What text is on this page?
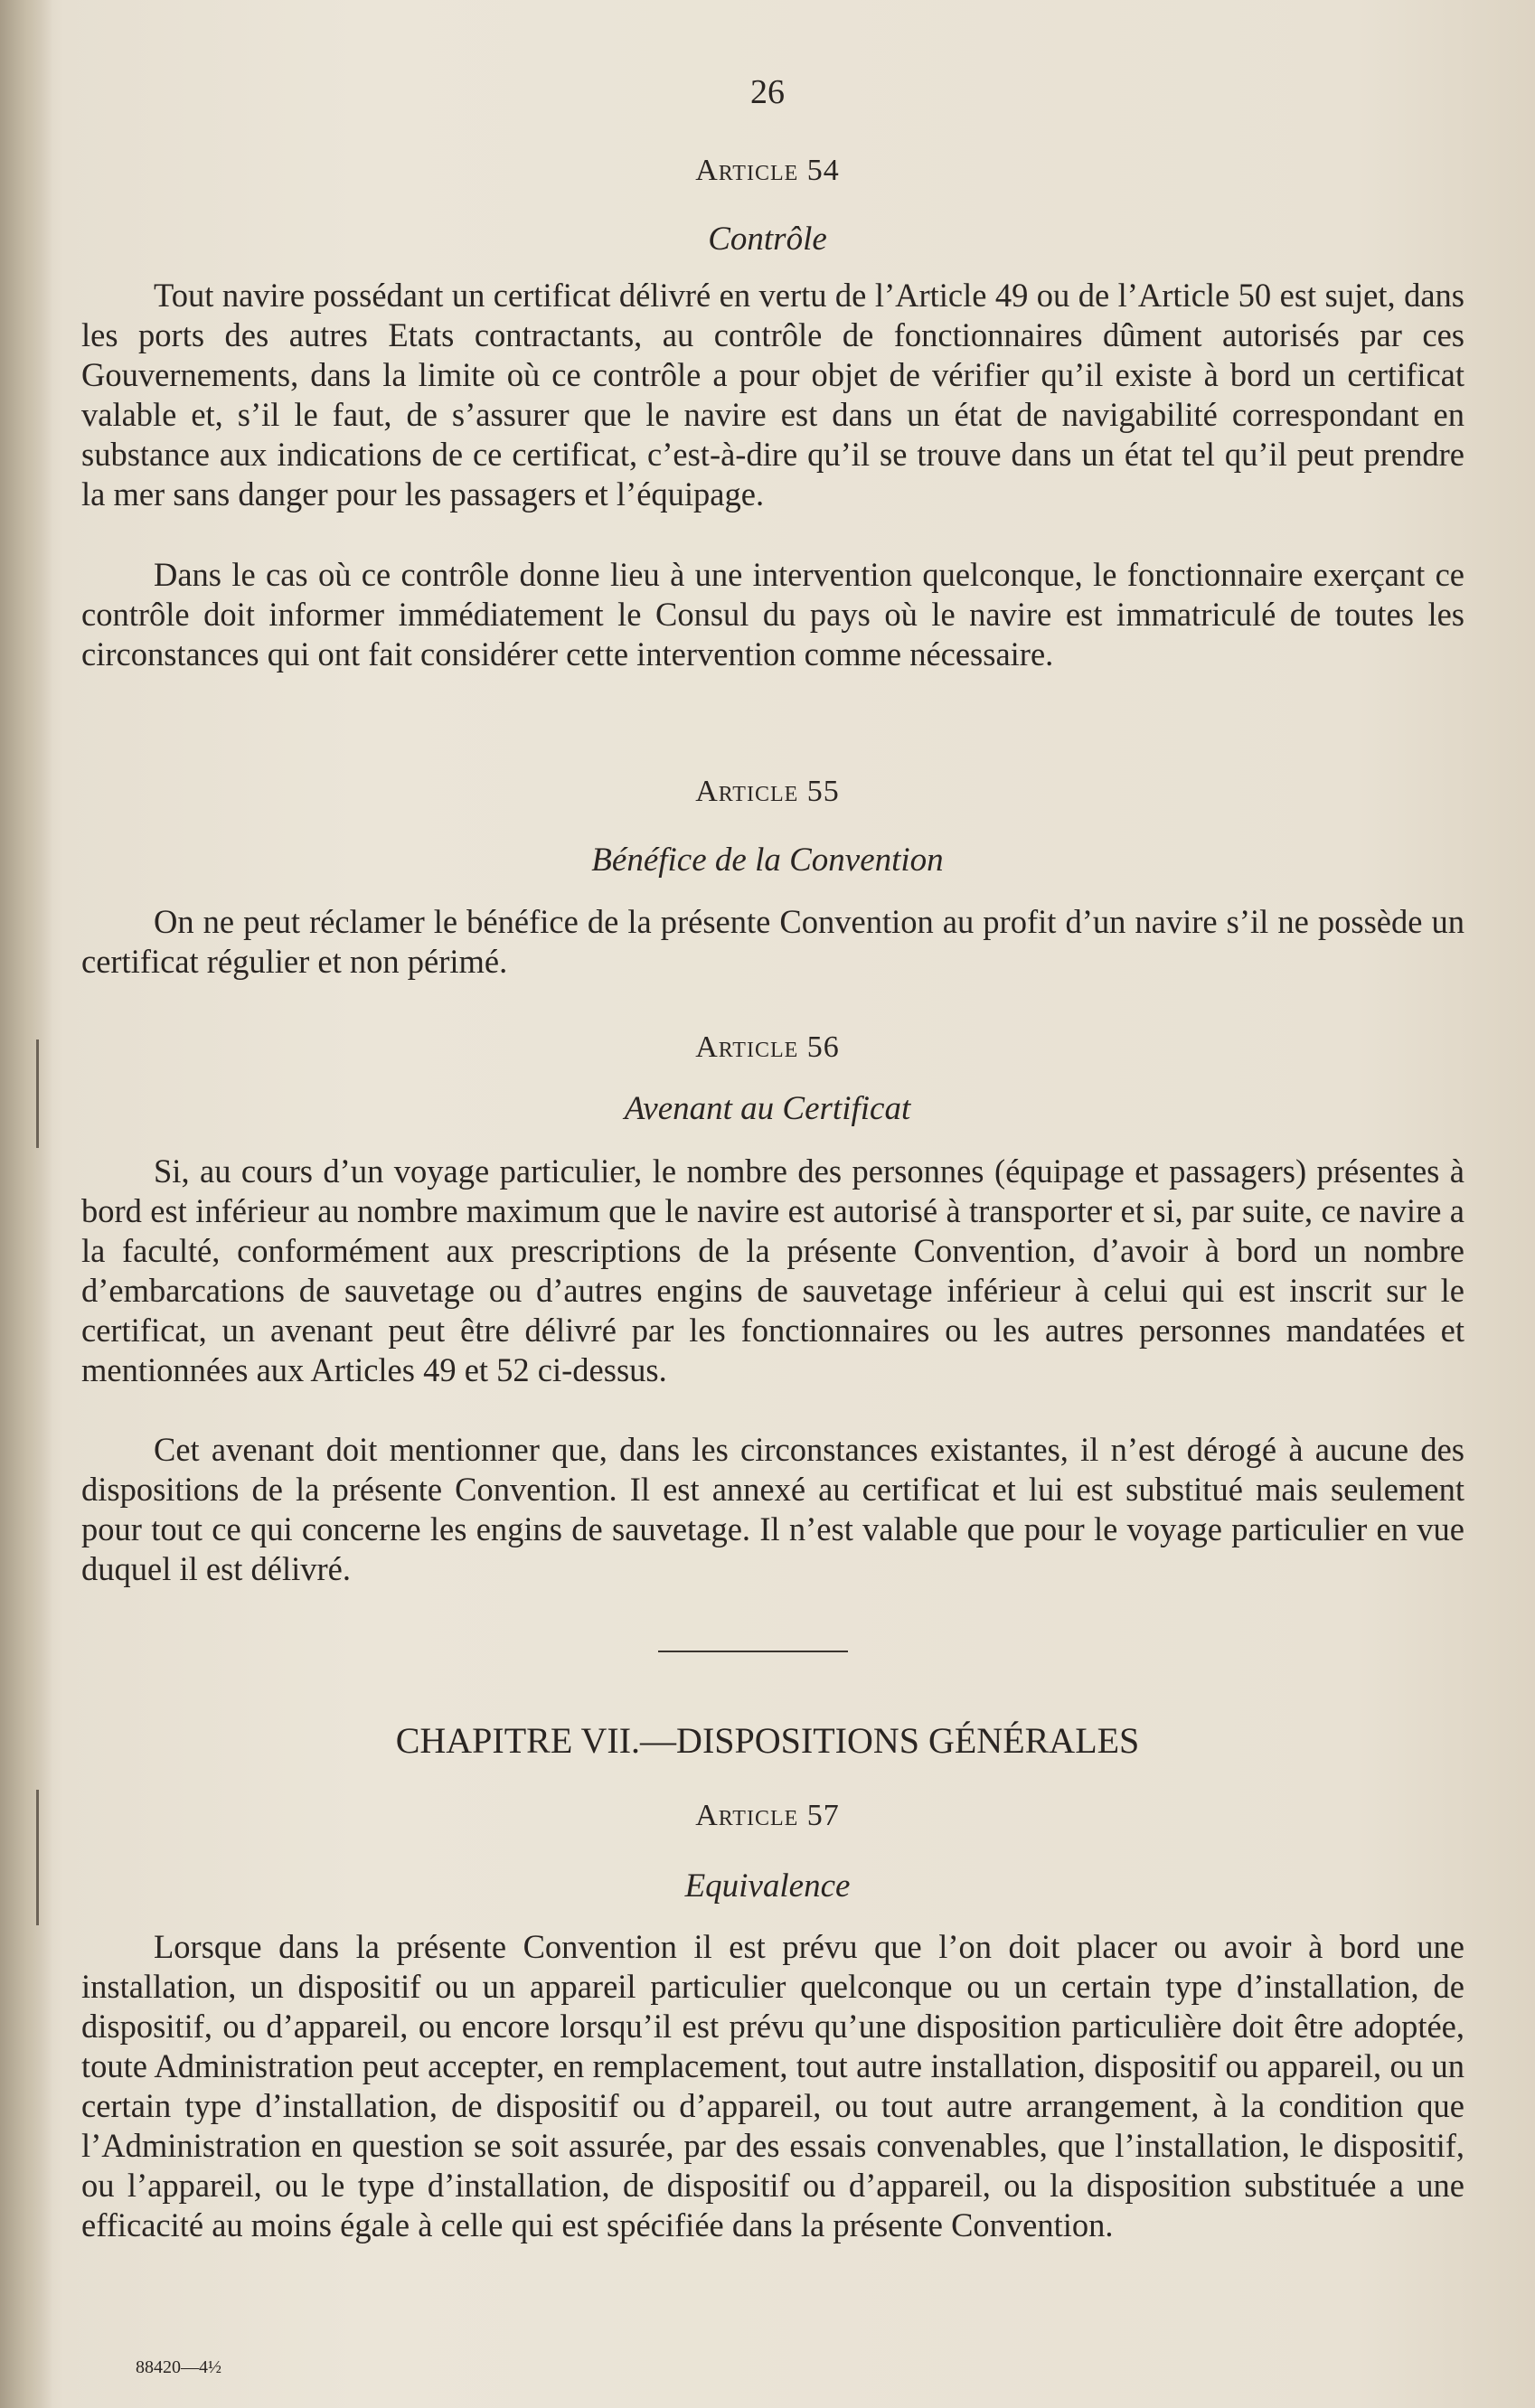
26
Article 54
Contrôle

Tout navire possédant un certificat délivré en vertu de l’Article 49 ou de l’Article 50 est sujet, dans les ports des autres Etats contractants, au contrôle de fonctionnaires dûment autorisés par ces Gouvernements, dans la limite où ce contrôle a pour objet de vérifier qu’il existe à bord un certificat valable et, s’il le faut, de s’assurer que le navire est dans un état de navigabilité correspondant en substance aux indications de ce certificat, c’est-à-dire qu’il se trouve dans un état tel qu’il peut prendre la mer sans danger pour les passagers et l’équipage.

Dans le cas où ce contrôle donne lieu à une intervention quelconque, le fonctionnaire exerçant ce contrôle doit informer immédiatement le Consul du pays où le navire est immatriculé de toutes les circonstances qui ont fait considérer cette intervention comme nécessaire.

Article 55
Bénéfice de la Convention

On ne peut réclamer le bénéfice de la présente Convention au profit d’un navire s’il ne possède un certificat régulier et non périmé.

Article 56
Avenant au Certificat

Si, au cours d’un voyage particulier, le nombre des personnes (équipage et passagers) présentes à bord est inférieur au nombre maximum que le navire est autorisé à transporter et si, par suite, ce navire a la faculté, conformément aux prescriptions de la présente Convention, d’avoir à bord un nombre d’embarcations de sauvetage ou d’autres engins de sauvetage inférieur à celui qui est inscrit sur le certificat, un avenant peut être délivré par les fonctionnaires ou les autres personnes mandatées et mentionnées aux Articles 49 et 52 ci-dessus.

Cet avenant doit mentionner que, dans les circonstances existantes, il n’est dérogé à aucune des dispositions de la présente Convention. Il est annexé au certificat et lui est substitué mais seulement pour tout ce qui concerne les engins de sauvetage. Il n’est valable que pour le voyage particulier en vue duquel il est délivré.

CHAPITRE VII.—DISPOSITIONS GÉNÉRALES
Article 57
Equivalence

Lorsque dans la présente Convention il est prévu que l’on doit placer ou avoir à bord une installation, un dispositif ou un appareil particulier quelconque ou un certain type d’installation, de dispositif, ou d’appareil, ou encore lorsqu’il est prévu qu’une disposition particulière doit être adoptée, toute Administration peut accepter, en remplacement, tout autre installation, dispositif ou appareil, ou un certain type d’installation, de dispositif ou d’appareil, ou tout autre arrangement, à la condition que l’Administration en question se soit assurée, par des essais convenables, que l’installation, le dispositif, ou l’appareil, ou le type d’installation, de dispositif ou d’appareil, ou la disposition substituée a une efficacité au moins égale à celle qui est spécifiée dans la présente Convention.

88420—4½
